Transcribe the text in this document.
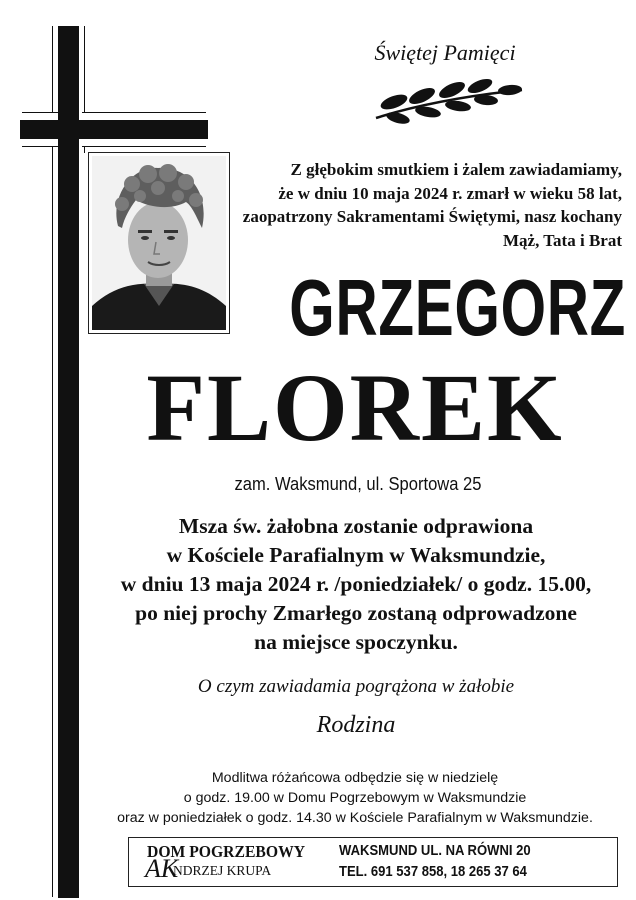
Świętej Pamięci
Z głębokim smutkiem i żalem zawiadamiamy,
że w dniu 10 maja 2024 r. zmarł w wieku 58 lat,
zaopatrzony Sakramentami Świętymi, nasz kochany
Mąż, Tata i Brat
GRZEGORZ
FLOREK
zam. Waksmund, ul. Sportowa 25
Msza św. żałobna zostanie odprawiona
w Kościele Parafialnym w Waksmundzie,
w dniu 13 maja 2024 r. /poniedziałek/ o godz. 15.00,
po niej prochy Zmarłego zostaną odprowadzone
na miejsce spoczynku.
O czym zawiadamia pogrążona w żałobie
Rodzina
Modlitwa różańcowa odbędzie się w niedzielę
o godz. 19.00 w Domu Pogrzebowym w Waksmundzie
oraz w poniedziałek o godz. 14.30 w Kościele Parafialnym w Waksmundzie.
DOM POGRZEBOWY
AK
NDRZEJ KRUPA
WAKSMUND UL. NA RÓWNI 20
TEL. 691 537 858, 18 265 37 64
